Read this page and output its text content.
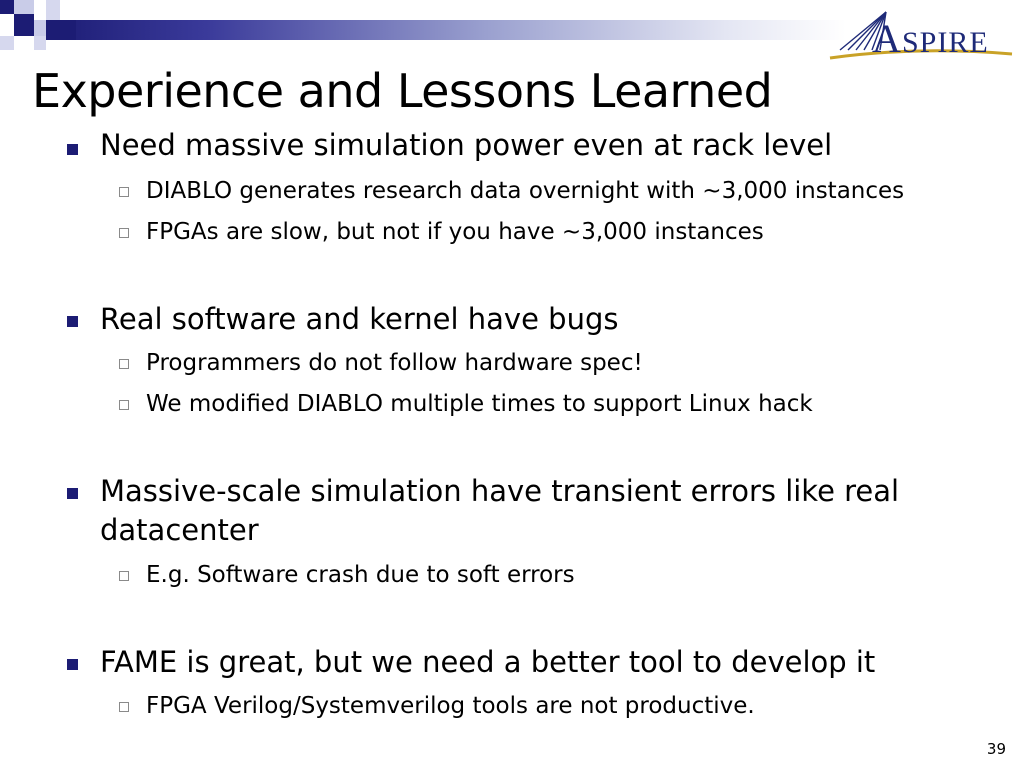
A SPIRE
Experience and Lessons Learned
Need massive simulation power even at rack level
DIABLO generates research data overnight with ~3,000 instances
FPGAs are slow, but not if you have ~3,000 instances
Real software and kernel have bugs
Programmers do not follow hardware spec!
We modified DIABLO multiple times to support Linux hack
Massive-scale simulation have transient errors like real datacenter
E.g. Software crash due to soft errors
FAME is great, but we need a better tool to develop it
FPGA Verilog/Systemverilog tools are not productive.
39
